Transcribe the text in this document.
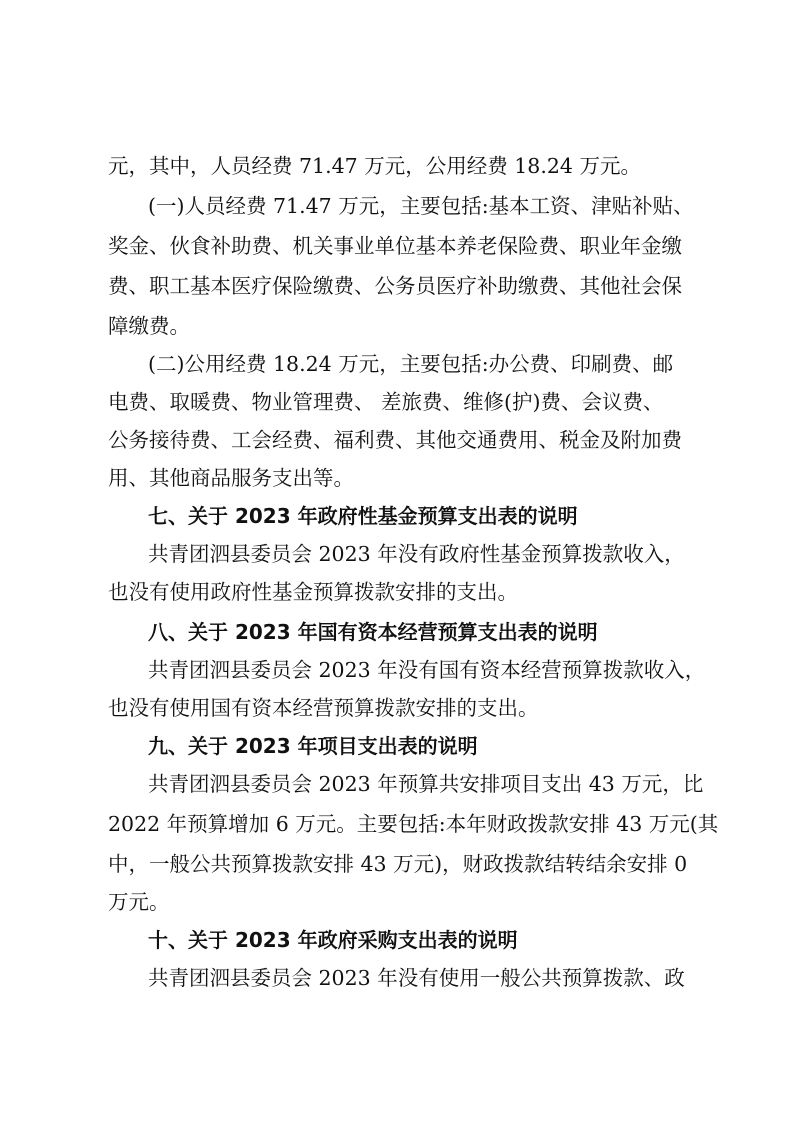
元，其中，人员经费 71.47 万元，公用经费 18.24 万元。
(一)人员经费 71.47 万元，主要包括:基本工资、津贴补贴、
奖金、伙食补助费、机关事业单位基本养老保险费、职业年金缴
费、职工基本医疗保险缴费、公务员医疗补助缴费、其他社会保
障缴费。
(二)公用经费 18.24 万元，主要包括:办公费、印刷费、邮
电费、取暖费、物业管理费、 差旅费、维修(护)费、会议费、
公务接待费、工会经费、福利费、其他交通费用、税金及附加费
用、其他商品服务支出等。
七、关于 2023 年政府性基金预算支出表的说明
共青团泗县委员会 2023 年没有政府性基金预算拨款收入，
也没有使用政府性基金预算拨款安排的支出。
八、关于 2023 年国有资本经营预算支出表的说明
共青团泗县委员会 2023 年没有国有资本经营预算拨款收入，
也没有使用国有资本经营预算拨款安排的支出。
九、关于 2023 年项目支出表的说明
共青团泗县委员会 2023 年预算共安排项目支出 43 万元，比
2022 年预算增加 6 万元。主要包括:本年财政拨款安排 43 万元(其
中，一般公共预算拨款安排 43 万元)，财政拨款结转结余安排 0
万元。
十、关于 2023 年政府采购支出表的说明
共青团泗县委员会 2023 年没有使用一般公共预算拨款、政
